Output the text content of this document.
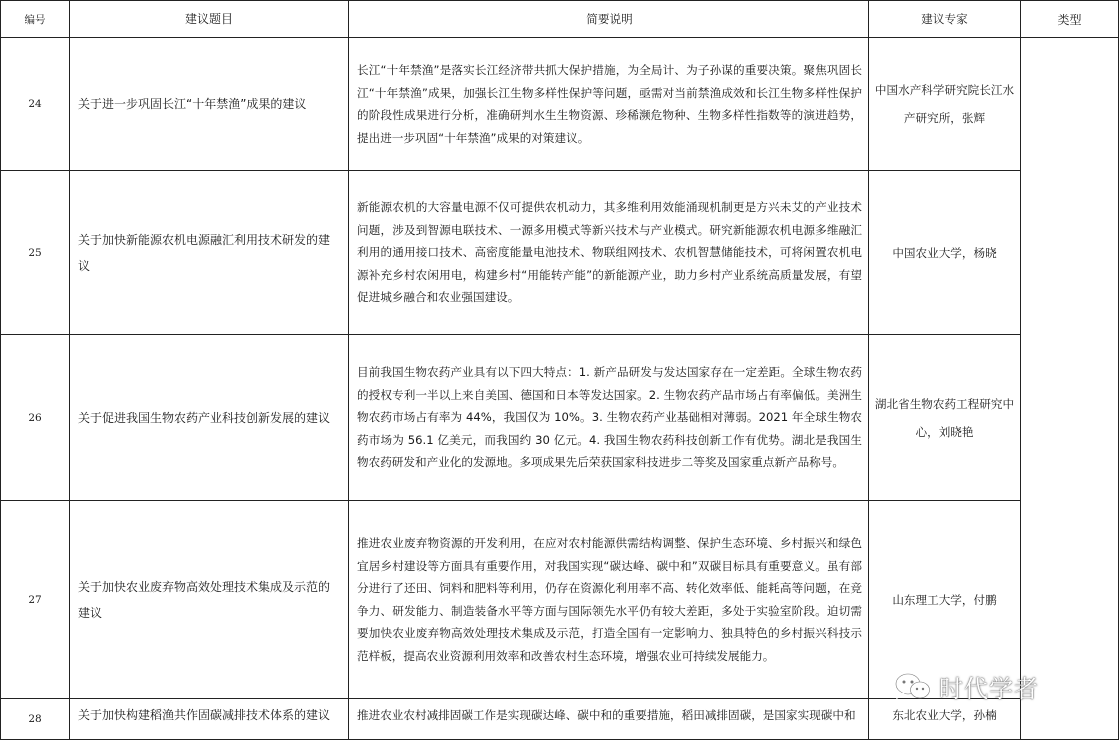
编号	建议题目	简要说明	建议专家	类型
24	关于进一步巩固长江“十年禁渔”成果的建议	长江“十年禁渔”是落实长江经济带共抓大保护措施，为全局计、为子孙谋的重要决策。聚焦巩固长江“十年禁渔”成果，加强长江生物多样性保护等问题，亟需对当前禁渔成效和长江生物多样性保护的阶段性成果进行分析，准确研判水生生物资源、珍稀濒危物种、生物多样性指数等的演进趋势，提出进一步巩固“十年禁渔”成果的对策建议。	中国水产科学研究院长江水产研究所，张辉	
25	关于加快新能源农机电源融汇利用技术研发的建议	新能源农机的大容量电源不仅可提供农机动力，其多维利用效能涌现机制更是方兴未艾的产业技术问题，涉及到智源电联技术、一源多用模式等新兴技术与产业模式。研究新能源农机电源多维融汇利用的通用接口技术、高密度能量电池技术、物联组网技术、农机智慧储能技术，可将闲置农机电源补充乡村农闲用电，构建乡村“用能转产能”的新能源产业，助力乡村产业系统高质量发展，有望促进城乡融合和农业强国建设。	中国农业大学，杨晓	
26	关于促进我国生物农药产业科技创新发展的建议	目前我国生物农药产业具有以下四大特点：1. 新产品研发与发达国家存在一定差距。全球生物农药的授权专利一半以上来自美国、德国和日本等发达国家。2. 生物农药产品市场占有率偏低。美洲生物农药市场占有率为 44%，我国仅为 10%。3. 生物农药产业基础相对薄弱。2021 年全球生物农药市场为 56.1 亿美元，而我国约 30 亿元。4. 我国生物农药科技创新工作有优势。湖北是我国生物农药研发和产业化的发源地。多项成果先后荣获国家科技进步二等奖及国家重点新产品称号。	湖北省生物农药工程研究中心，刘晓艳	
27	关于加快农业废弃物高效处理技术集成及示范的建议	推进农业废弃物资源的开发利用，在应对农村能源供需结构调整、保护生态环境、乡村振兴和绿色宜居乡村建设等方面具有重要作用，对我国实现“碳达峰、碳中和”双碳目标具有重要意义。虽有部分进行了还田、饲料和肥料等利用，仍存在资源化利用率不高、转化效率低、能耗高等问题，在竞争力、研发能力、制造装备水平等方面与国际领先水平仍有较大差距，多处于实验室阶段。迫切需要加快农业废弃物高效处理技术集成及示范，打造全国有一定影响力、独具特色的乡村振兴科技示范样板，提高农业资源利用效率和改善农村生态环境，增强农业可持续发展能力。	山东理工大学，付鹏	
28	关于加快构建稻渔共作固碳减排技术体系的建议	推进农业农村减排固碳工作是实现碳达峰、碳中和的重要措施，稻田减排固碳，是国家实现碳中和	东北农业大学，孙楠	
时代学者
